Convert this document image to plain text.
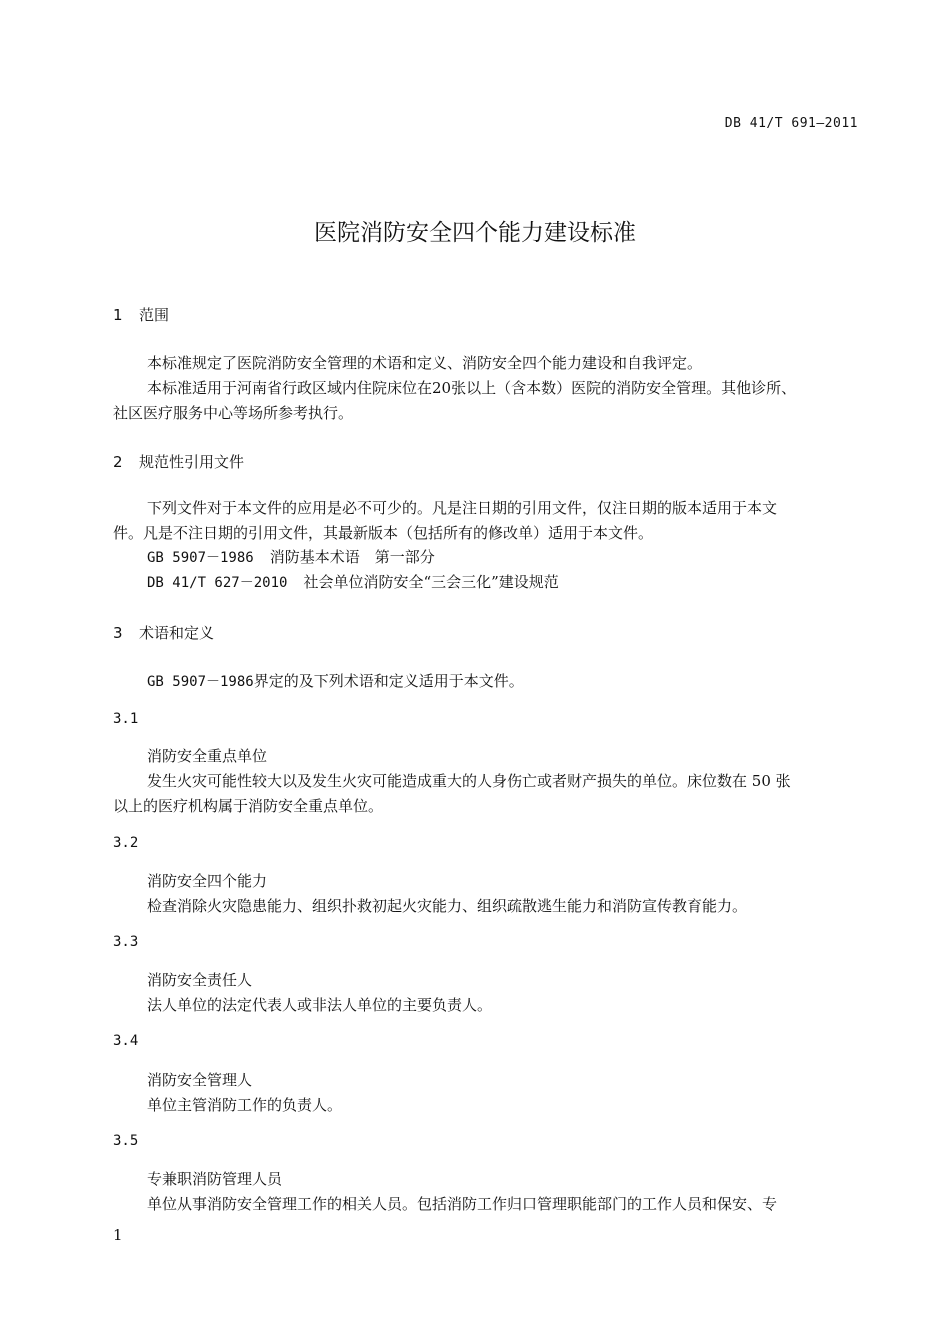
DB 41/T 691—2011
医院消防安全四个能力建设标准
1 范围
本标准规定了医院消防安全管理的术语和定义、消防安全四个能力建设和自我评定。
本标准适用于河南省行政区域内住院床位在20张以上（含本数）医院的消防安全管理。其他诊所、
社区医疗服务中心等场所参考执行。
2 规范性引用文件
下列文件对于本文件的应用是必不可少的。凡是注日期的引用文件，仅注日期的版本适用于本文
件。凡是不注日期的引用文件，其最新版本（包括所有的修改单）适用于本文件。
GB 5907－1986 消防基本术语　第一部分
DB 41/T 627－2010 社会单位消防安全“三会三化”建设规范
3 术语和定义
GB 5907－1986界定的及下列术语和定义适用于本文件。
3.1
消防安全重点单位
发生火灾可能性较大以及发生火灾可能造成重大的人身伤亡或者财产损失的单位。床位数在 50 张
以上的医疗机构属于消防安全重点单位。
3.2
消防安全四个能力
检查消除火灾隐患能力、组织扑救初起火灾能力、组织疏散逃生能力和消防宣传教育能力。
3.3
消防安全责任人
法人单位的法定代表人或非法人单位的主要负责人。
3.4
消防安全管理人
单位主管消防工作的负责人。
3.5
专兼职消防管理人员
单位从事消防安全管理工作的相关人员。包括消防工作归口管理职能部门的工作人员和保安、专
1
